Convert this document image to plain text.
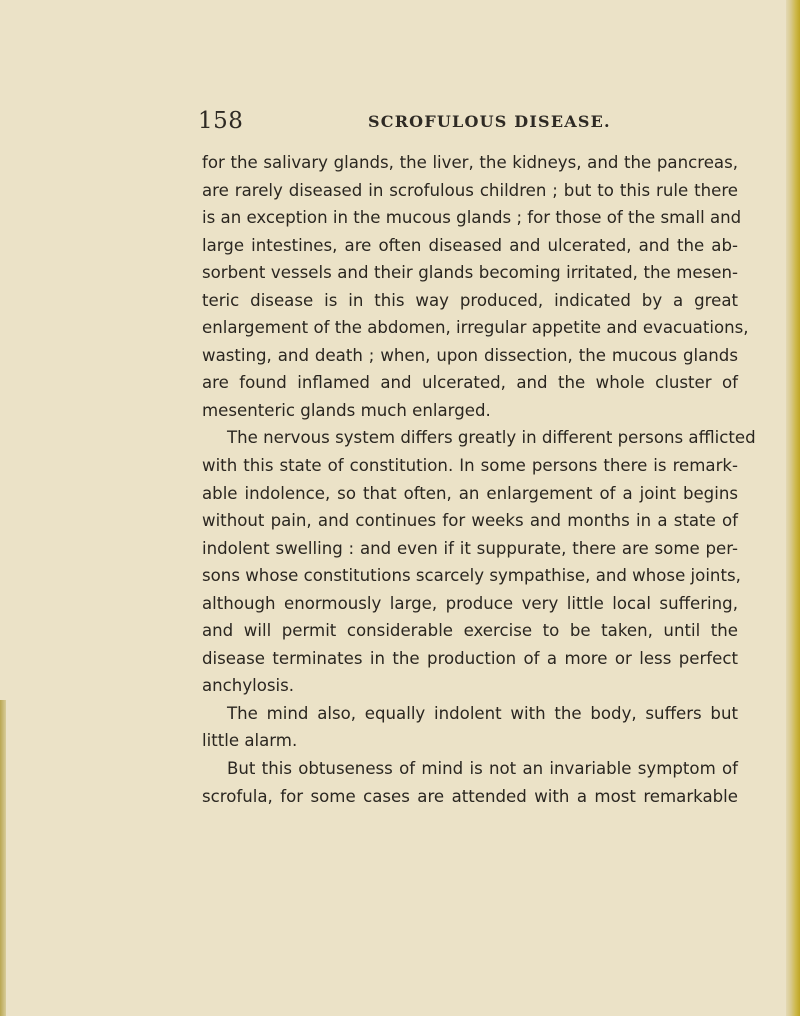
158	SCROFULOUS DISEASE.
for the salivary glands, the liver, the kidneys, and the pancreas,
are rarely diseased in scrofulous children ; but to this rule there
is an exception in the mucous glands ; for those of the small and
large intestines, are often diseased and ulcerated, and the ab-
sorbent vessels and their glands becoming irritated, the mesen-
teric disease is in this way produced, indicated by a great
enlargement of the abdomen, irregular appetite and evacuations,
wasting, and death ; when, upon dissection, the mucous glands
are found inflamed and ulcerated, and the whole cluster of
mesenteric glands much enlarged.
The nervous system differs greatly in different persons afflicted
with this state of constitution. In some persons there is remark-
able indolence, so that often, an enlargement of a joint begins
without pain, and continues for weeks and months in a state of
indolent swelling : and even if it suppurate, there are some per-
sons whose constitutions scarcely sympathise, and whose joints,
although enormously large, produce very little local suffering,
and will permit considerable exercise to be taken, until the
disease terminates in the production of a more or less perfect
anchylosis.
The mind also, equally indolent with the body, suffers but
little alarm.
But this obtuseness of mind is not an invariable symptom of
scrofula, for some cases are attended with a most remarkable
